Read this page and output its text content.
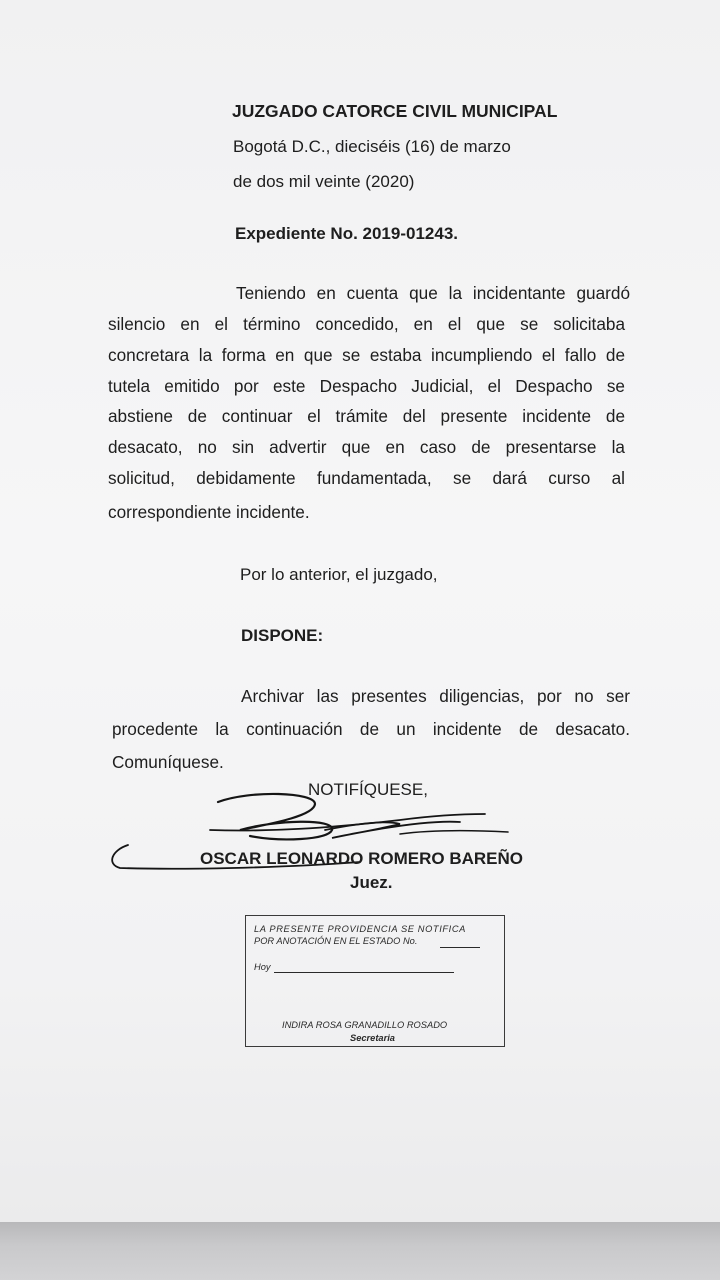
JUZGADO CATORCE CIVIL MUNICIPAL
Bogotá D.C., dieciséis (16) de marzo
de dos mil veinte (2020)
Expediente No. 2019-01243.
Teniendo en cuenta que la incidentante guardó
silencio en el término concedido, en el que se solicitaba
concretara la forma en que se estaba incumpliendo el fallo de
tutela emitido por este Despacho Judicial, el Despacho se
abstiene de continuar el trámite del presente incidente de
desacato, no sin advertir que en caso de presentarse la
solicitud, debidamente fundamentada, se dará curso al
correspondiente incidente.
Por lo anterior, el juzgado,
DISPONE:
Archivar las presentes diligencias, por no ser
procedente la continuación de un incidente de desacato.
Comuníquese.
NOTIFÍQUESE,
OSCAR LEONARDO ROMERO BAREÑO
Juez.
LA PRESENTE PROVIDENCIA SE NOTIFICA
POR ANOTACIÓN EN EL ESTADO No.
Hoy
INDIRA ROSA GRANADILLO ROSADO
Secretaria
